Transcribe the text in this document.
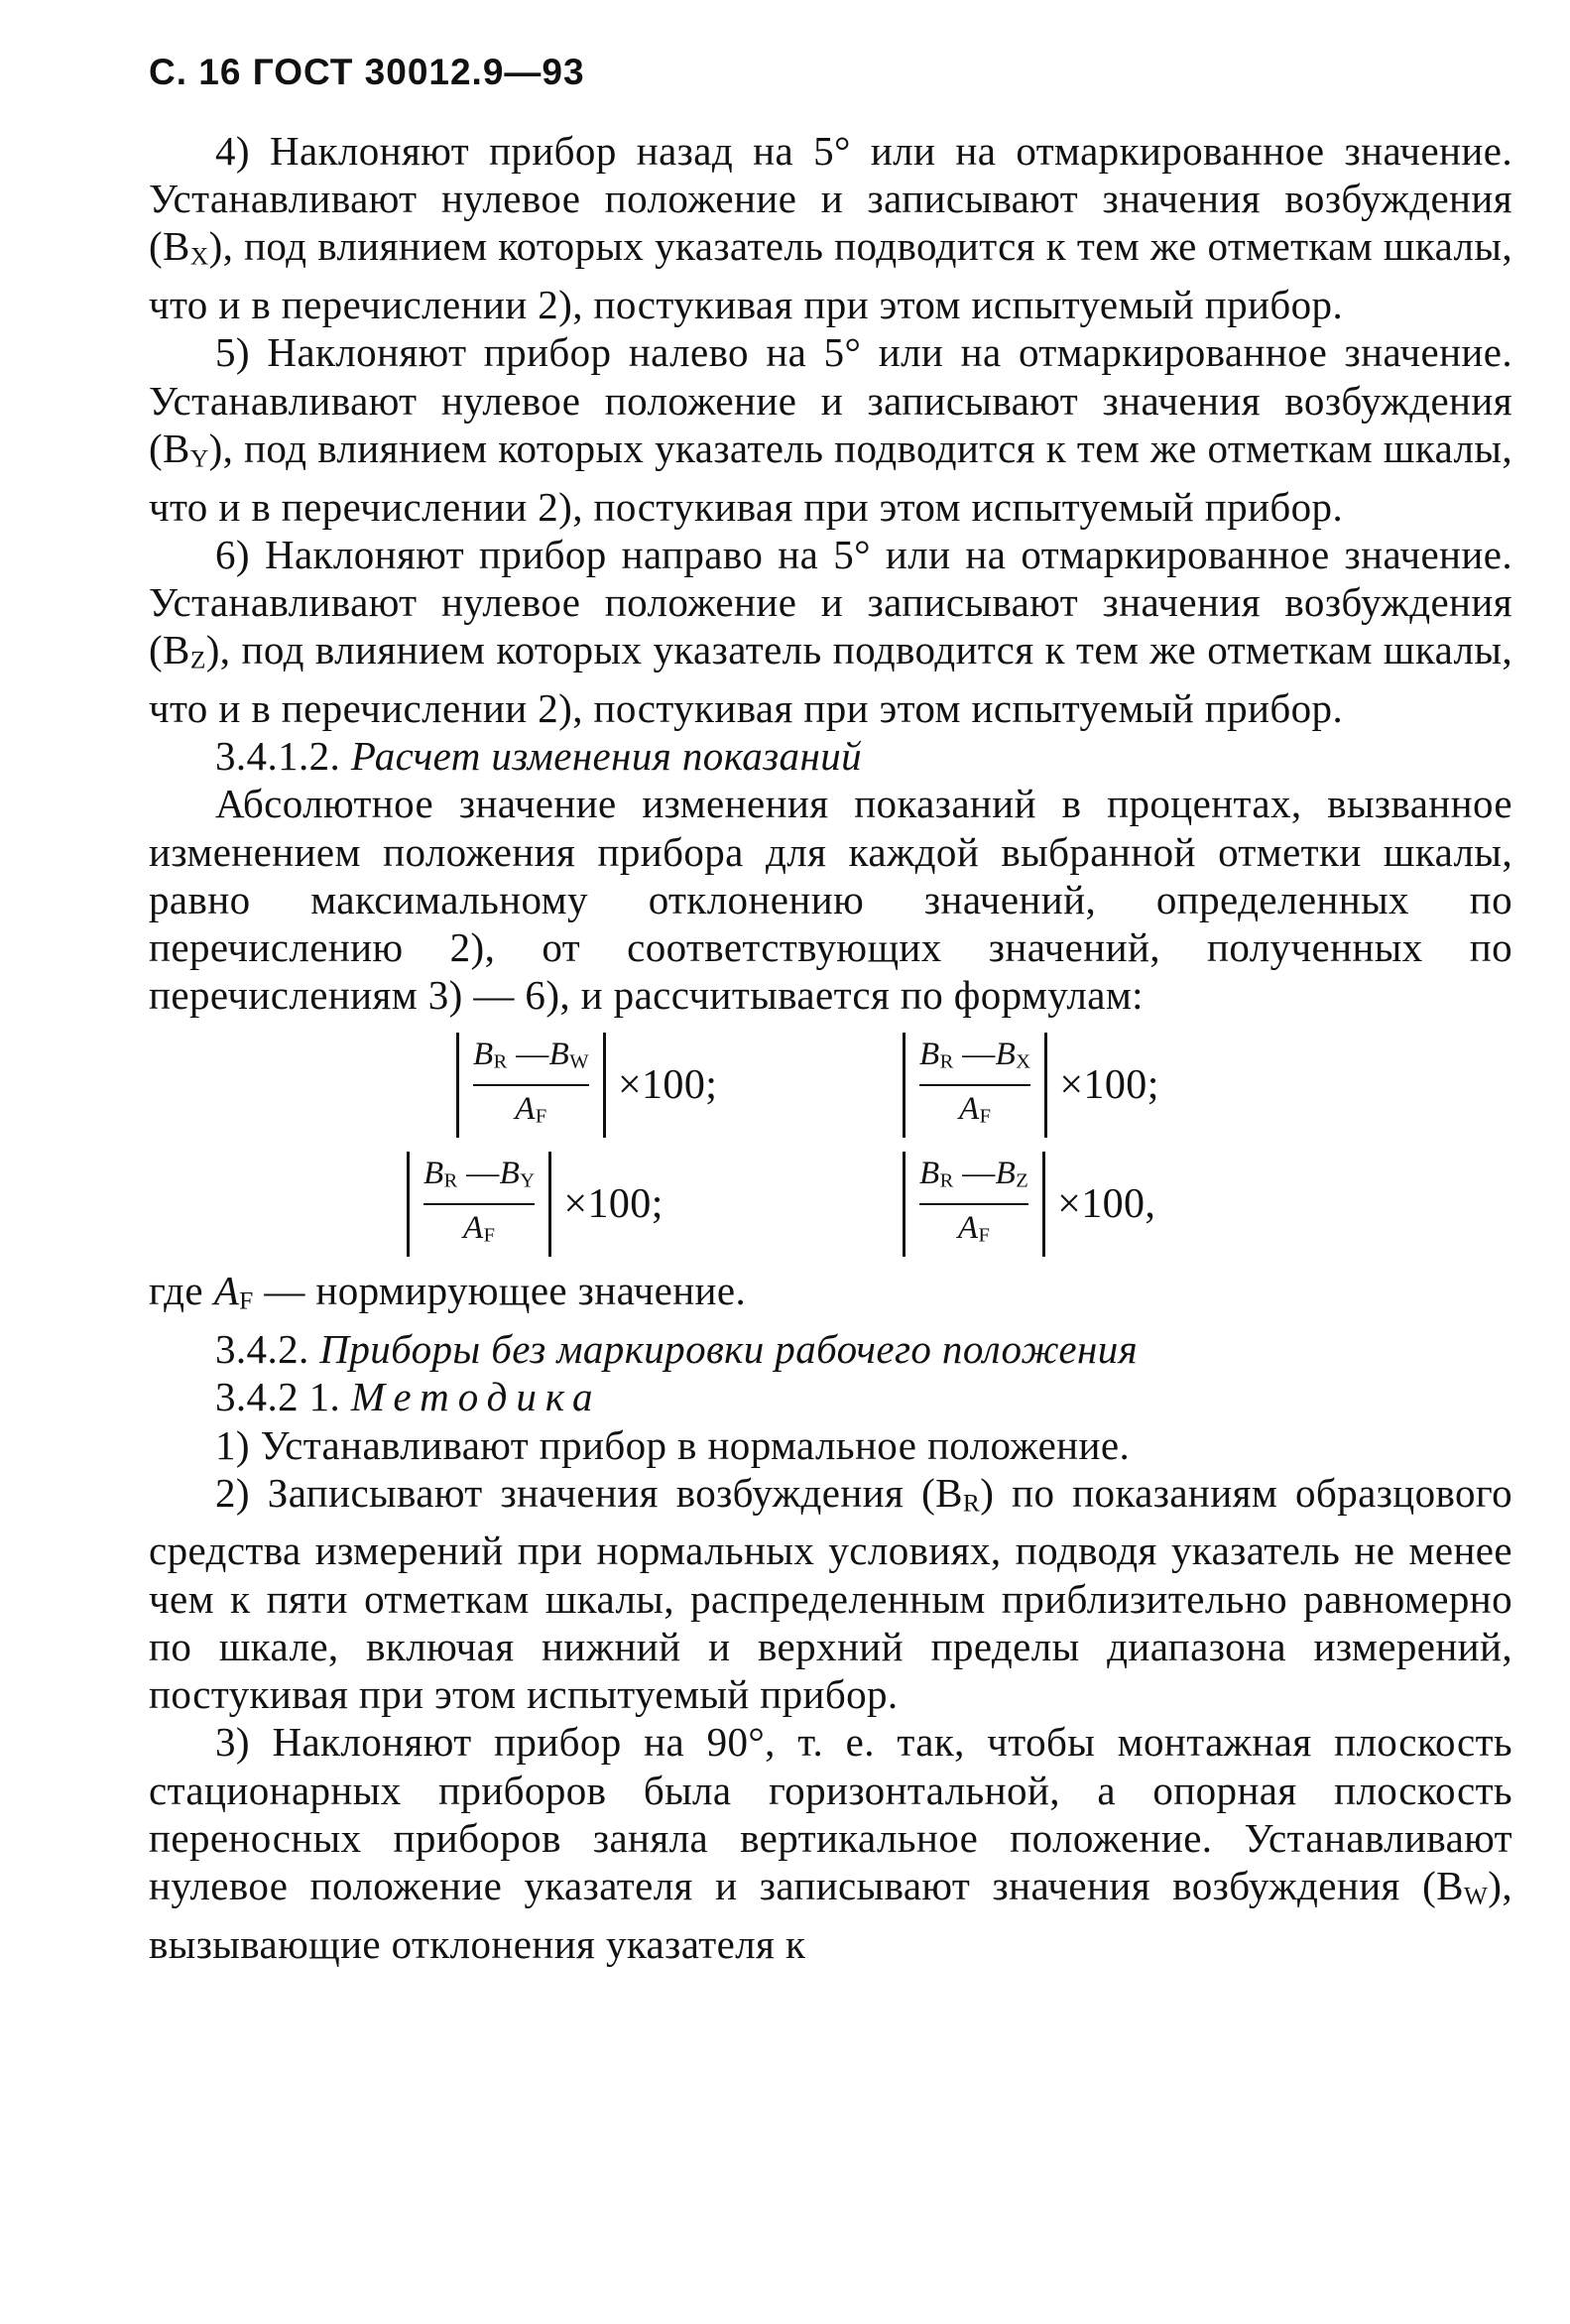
С. 16 ГОСТ 30012.9—93

4) Наклоняют прибор назад на 5° или на отмаркированное значение. Устанавливают нулевое положение и записывают значения возбуждения $(B_X)$, под влиянием которых указатель подводится к тем же отметкам шкалы, что и в перечислении 2), постукивая при этом испытуемый прибор.

5) Наклоняют прибор налево на 5° или на отмаркированное значение. Устанавливают нулевое положение и записывают значения возбуждения $(B_Y)$, под влиянием которых указатель подводится к тем же отметкам шкалы, что и в перечислении 2), постукивая при этом испытуемый прибор.

6) Наклоняют прибор направо на 5° или на отмаркированное значение. Устанавливают нулевое положение и записывают значения возбуждения $(B_Z)$, под влиянием которых указатель подводится к тем же отметкам шкалы, что и в перечислении 2), постукивая при этом испытуемый прибор.

3.4.1.2. Расчет изменения показаний

Абсолютное значение изменения показаний в процентах, вызванное изменением положения прибора для каждой выбранной отметки шкалы, равно максимальному отклонению значений, определенных по перечислению 2), от соответствующих значений, полученных по перечислениям 3) — 6), и рассчитывается по формулам:

$\frac{B_R —B_W}{A_F} \times 100$;	$\frac{B_R —B_X}{A_F} \times 100$;
$\frac{B_R —B_Y}{A_F} \times 100$;	$\frac{B_R —B_Z}{A_F} \times 100$,

где $A_F$ — нормирующее значение.

3.4.2. Приборы без маркировки рабочего положения

3.4.2 1. Методика

1) Устанавливают прибор в нормальное положение.

2) Записывают значения возбуждения $(B_R)$ по показаниям образцового средства измерений при нормальных условиях, подводя указатель не менее чем к пяти отметкам шкалы, распределенным приблизительно равномерно по шкале, включая нижний и верхний пределы диапазона измерений, постукивая при этом испытуемый прибор.

3) Наклоняют прибор на 90°, т. е. так, чтобы монтажная плоскость стационарных приборов была горизонтальной, а опорная плоскость переносных приборов заняла вертикальное положение. Устанавливают нулевое положение указателя и записывают значения возбуждения $(B_W)$, вызывающие отклонения указателя к
